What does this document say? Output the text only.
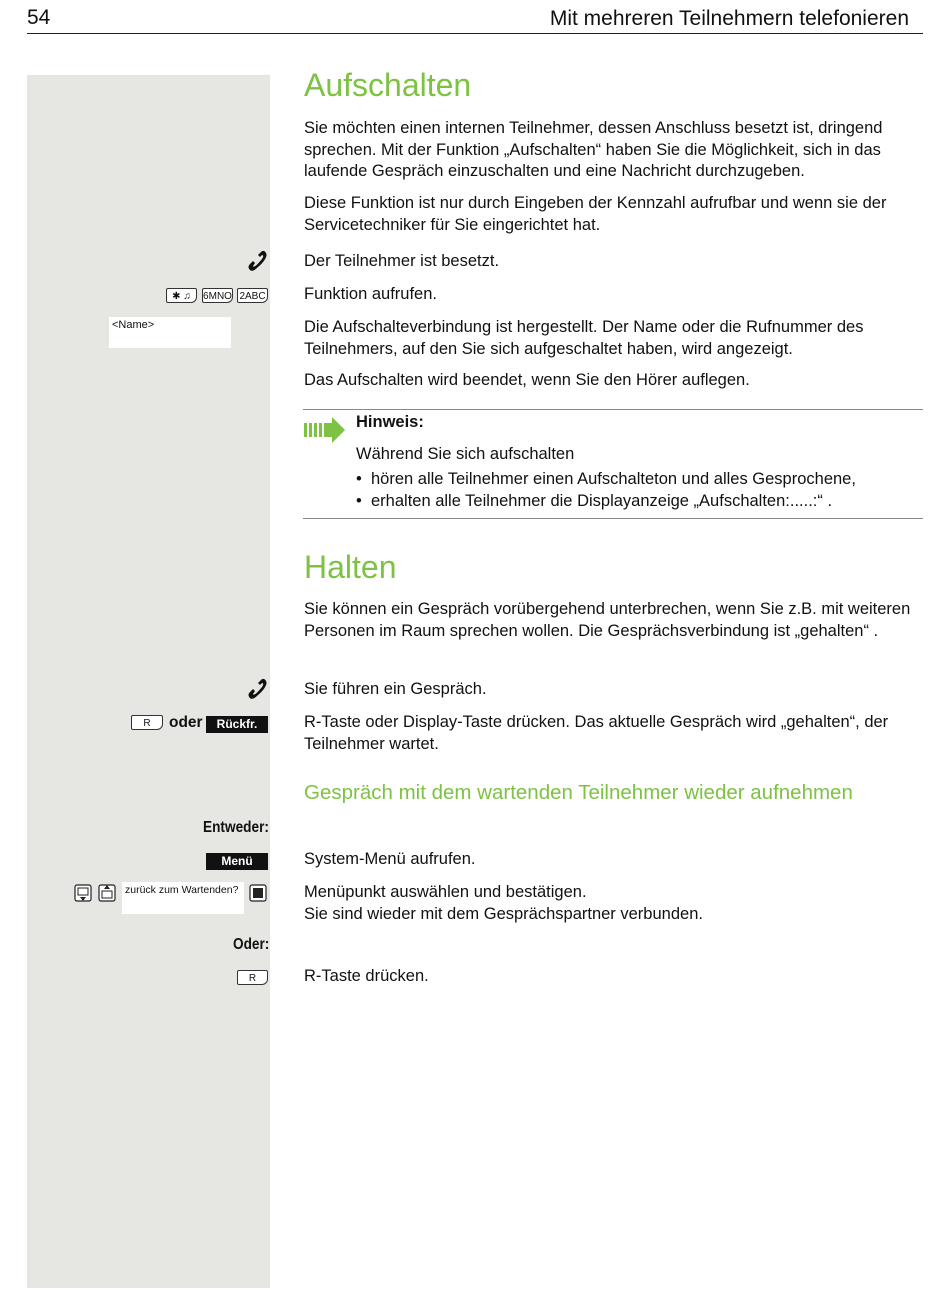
54	Mit mehreren Teilnehmern telefonieren
Aufschalten
Sie möchten einen internen Teilnehmer, dessen Anschluss besetzt ist, dringend sprechen. Mit der Funktion „Aufschalten“ haben Sie die Möglichkeit, sich in das laufende Gespräch einzuschalten und eine Nachricht durchzugeben.
Diese Funktion ist nur durch Eingeben der Kennzahl aufrufbar und wenn sie der Servicetechniker für Sie eingerichtet hat.
Der Teilnehmer ist besetzt.
✱ ♫	6MNO 2ABC Funktion aufrufen.
<Name>	Die Aufschalteverbindung ist hergestellt. Der Name oder die Rufnummer des Teilnehmers, auf den Sie sich aufgeschaltet haben, wird angezeigt.
Das Aufschalten wird beendet, wenn Sie den Hörer auflegen.
Hinweis:
Während Sie sich aufschalten
• hören alle Teilnehmer einen Aufschalteton und alles Gesprochene,
• erhalten alle Teilnehmer die Displayanzeige „Aufschalten:.....:“ .
Halten
Sie können ein Gespräch vorübergehend unterbrechen, wenn Sie z.B. mit weiteren Personen im Raum sprechen wollen. Die Gesprächsverbindung ist „gehalten“ .
Sie führen ein Gespräch.
R	oder	Rückfr.	R-Taste oder Display-Taste drücken. Das aktuelle Gespräch wird „gehalten“, der Teilnehmer wartet.
Gespräch mit dem wartenden Teilnehmer wieder aufnehmen
Entweder:
Menü	System-Menü aufrufen.
zurück zum Wartenden?	Menüpunkt auswählen und bestätigen.
Sie sind wieder mit dem Gesprächspartner verbunden.
Oder:
R	R-Taste drücken.
